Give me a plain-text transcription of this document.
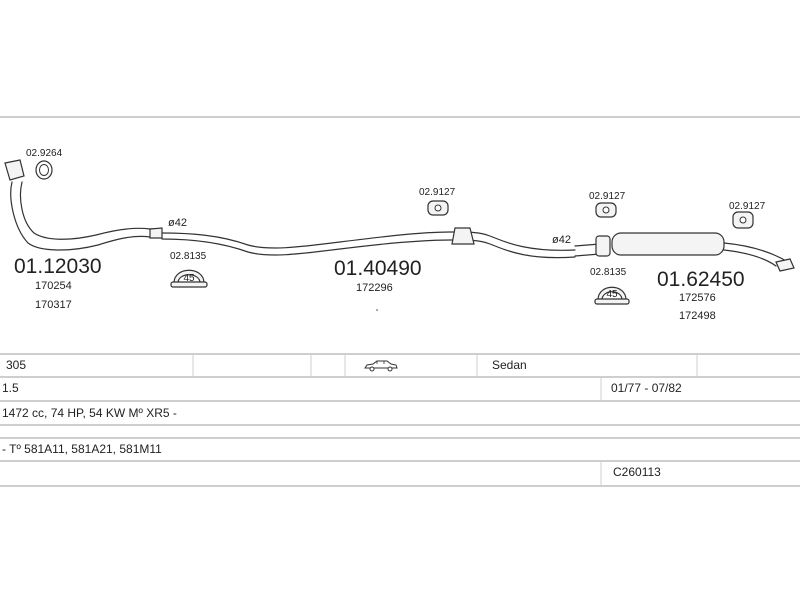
45
45
02.9264
02.8135
02.9127	02.9127
02.9127
02.8135
ø42
ø42
01.12030
170254
170317
01.40490
172296	01.62450
172576
172498
305	Sedan
1.5	01/77 - 07/82
1472 cc, 74 HP, 54 KW Mº XR5 -
- Tº 581A11, 581A21, 581M11
C260113
